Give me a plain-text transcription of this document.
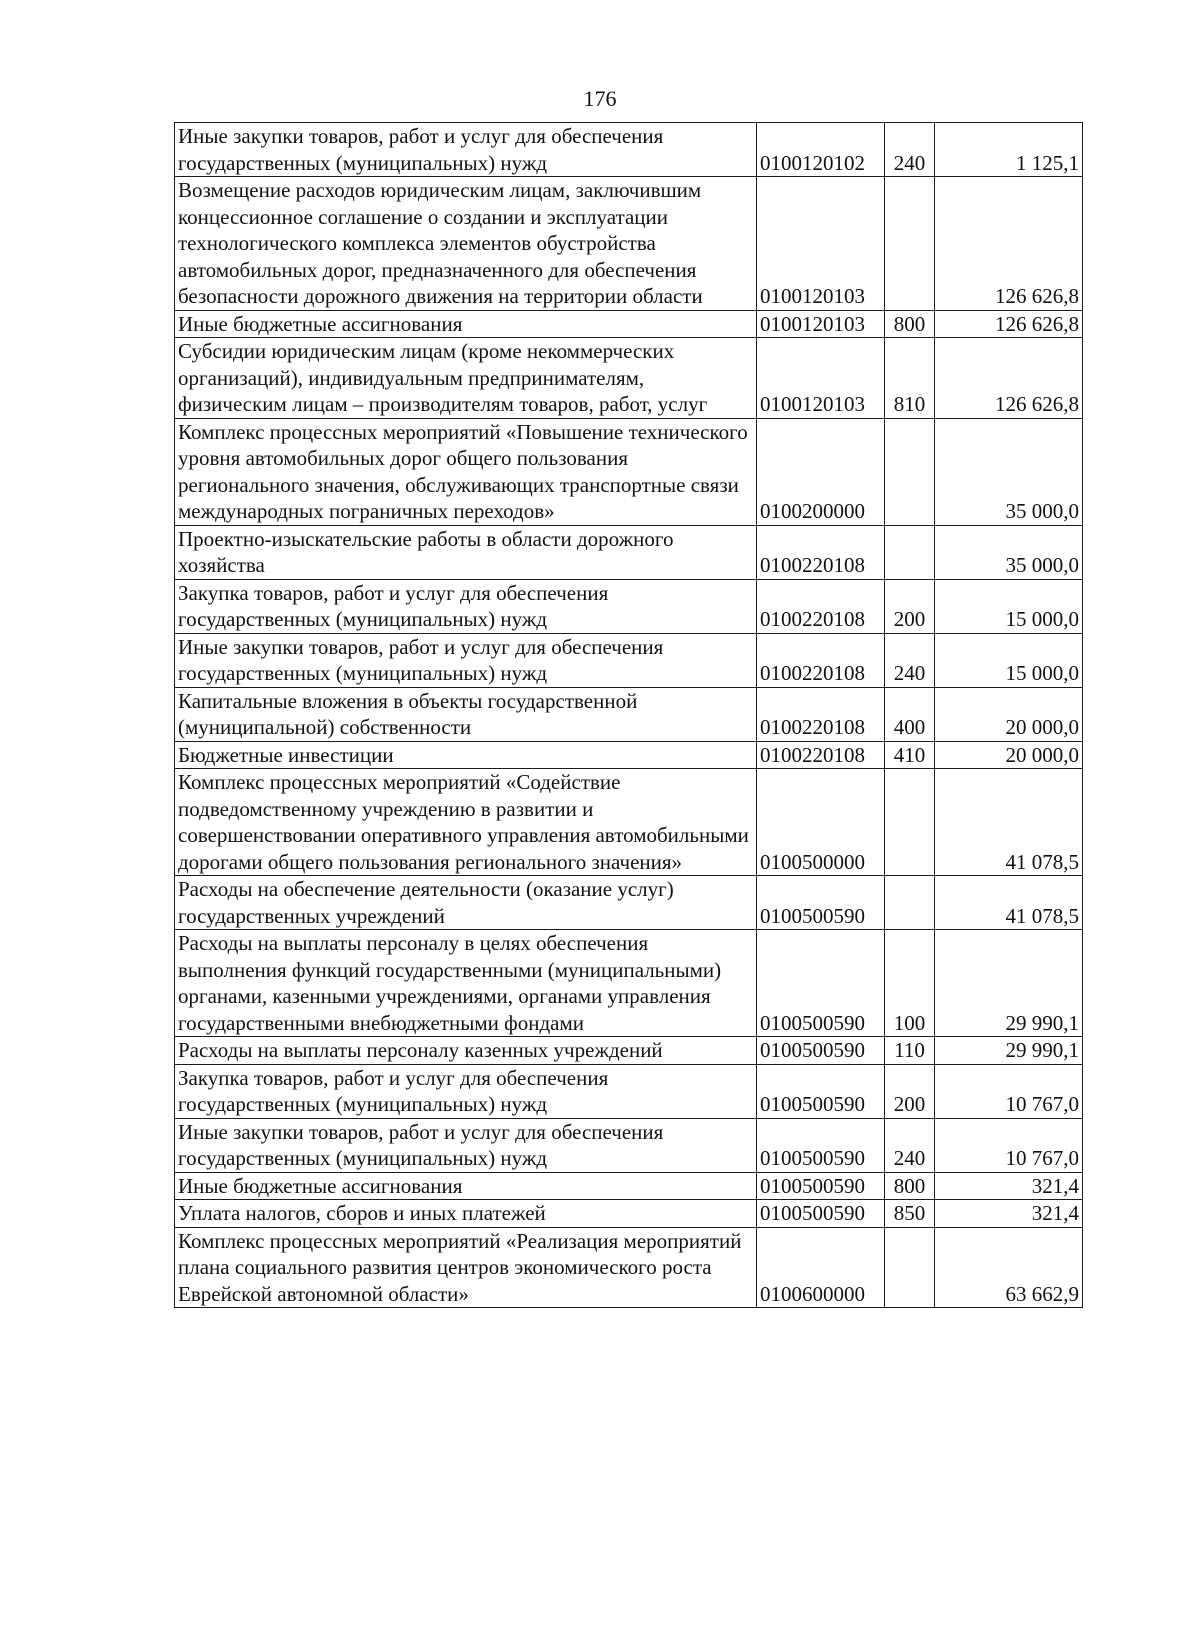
176
Иные закупки товаров, работ и услуг для обеспечения государственных (муниципальных) нужд	0100120102	240	1 125,1
Возмещение расходов юридическим лицам, заключившим концессионное соглашение о создании и эксплуатации технологического комплекса элементов обустройства автомобильных дорог, предназначенного для обеспечения безопасности дорожного движения на территории области	0100120103		126 626,8
Иные бюджетные ассигнования	0100120103	800	126 626,8
Субсидии юридическим лицам (кроме некоммерческих организаций), индивидуальным предпринимателям, физическим лицам – производителям товаров, работ, услуг	0100120103	810	126 626,8
Комплекс процессных мероприятий «Повышение технического уровня автомобильных дорог общего пользования регионального значения, обслуживающих транспортные связи международных пограничных переходов»	0100200000		35 000,0
Проектно-изыскательские работы в области дорожного хозяйства	0100220108		35 000,0
Закупка товаров, работ и услуг для обеспечения государственных (муниципальных) нужд	0100220108	200	15 000,0
Иные закупки товаров, работ и услуг для обеспечения государственных (муниципальных) нужд	0100220108	240	15 000,0
Капитальные вложения в объекты государственной (муниципальной) собственности	0100220108	400	20 000,0
Бюджетные инвестиции	0100220108	410	20 000,0
Комплекс процессных мероприятий «Содействие подведомственному учреждению в развитии и совершенствовании оперативного управления автомобильными дорогами общего пользования регионального значения»	0100500000		41 078,5
Расходы на обеспечение деятельности (оказание услуг) государственных учреждений	0100500590		41 078,5
Расходы на выплаты персоналу в целях обеспечения выполнения функций государственными (муниципальными) органами, казенными учреждениями, органами управления государственными внебюджетными фондами	0100500590	100	29 990,1
Расходы на выплаты персоналу казенных учреждений	0100500590	110	29 990,1
Закупка товаров, работ и услуг для обеспечения государственных (муниципальных) нужд	0100500590	200	10 767,0
Иные закупки товаров, работ и услуг для обеспечения государственных (муниципальных) нужд	0100500590	240	10 767,0
Иные бюджетные ассигнования	0100500590	800	321,4
Уплата налогов, сборов и иных платежей	0100500590	850	321,4
Комплекс процессных мероприятий «Реализация мероприятий плана социального развития центров экономического роста Еврейской автономной области»	0100600000		63 662,9
